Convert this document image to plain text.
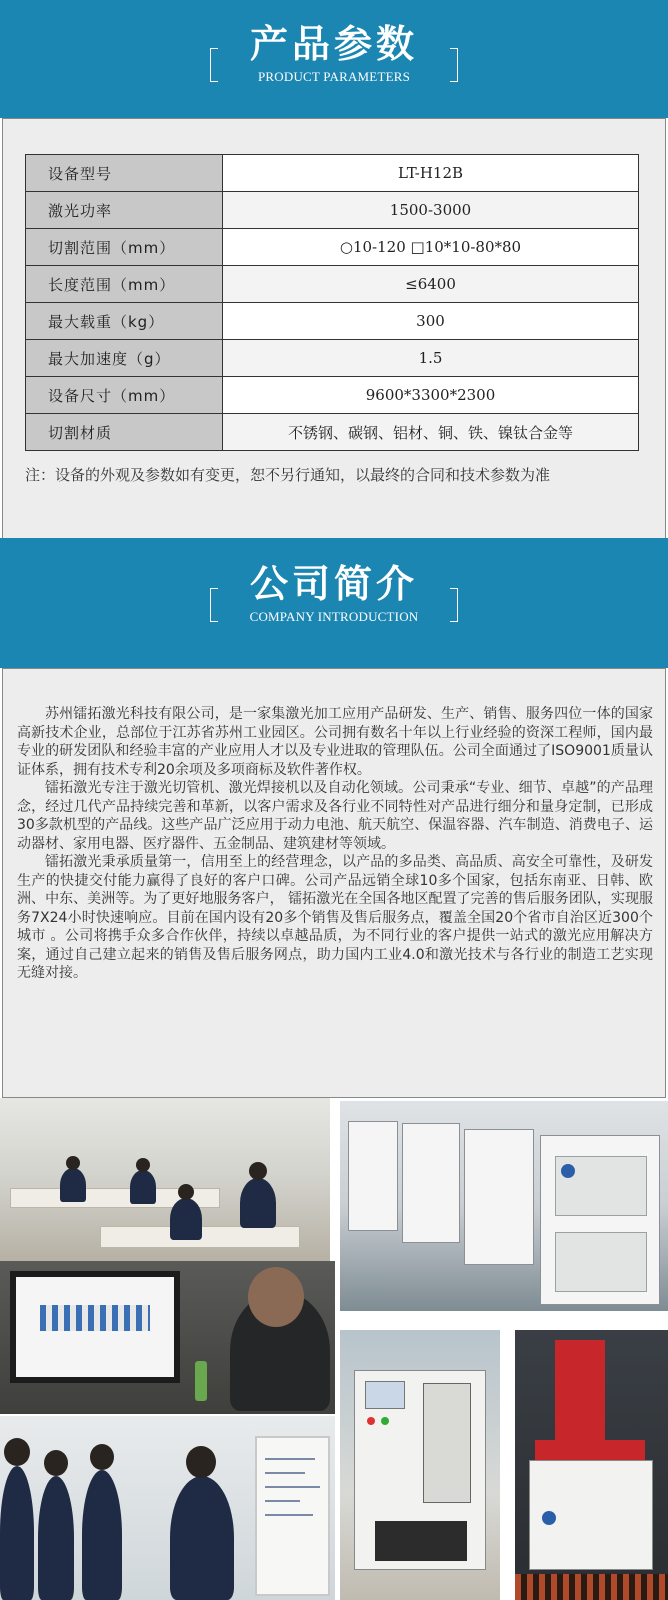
产品参数
PRODUCT PARAMETERS
设备型号	LT-H12B
激光功率	1500-3000
切割范围（mm）	○10-120 □10*10-80*80
长度范围（mm）	≤6400
最大载重（kg）	300
最大加速度（g）	1.5
设备尺寸（mm）	9600*3300*2300
切割材质	不锈钢、碳钢、铝材、铜、铁、镍钛合金等
注：设备的外观及参数如有变更，恕不另行通知，以最终的合同和技术参数为准
公司简介
COMPANY INTRODUCTION

苏州镭拓激光科技有限公司，是一家集激光加工应用产品研发、生产、销售、服务四位一体的国家高新技术企业，总部位于江苏省苏州工业园区。公司拥有数名十年以上行业经验的资深工程师，国内最专业的研发团队和经验丰富的产业应用人才以及专业进取的管理队伍。公司全面通过了ISO9001质量认证体系，拥有技术专利20余项及多项商标及软件著作权。

镭拓激光专注于激光切管机、激光焊接机以及自动化领域。公司秉承“专业、细节、卓越”的产品理念，经过几代产品持续完善和革新，以客户需求及各行业不同特性对产品进行细分和量身定制，已形成30多款机型的产品线。这些产品广泛应用于动力电池、航天航空、保温容器、汽车制造、消费电子、运动器材、家用电器、医疗器件、五金制品、建筑建材等领域。

镭拓激光秉承质量第一，信用至上的经营理念，以产品的多品类、高品质、高安全可靠性，及研发生产的快捷交付能力赢得了良好的客户口碑。公司产品远销全球10多个国家，包括东南亚、日韩、欧洲、中东、美洲等。为了更好地服务客户， 镭拓激光在全国各地区配置了完善的售后服务团队，实现服务7X24小时快速响应。目前在国内设有20多个销售及售后服务点，覆盖全国20个省市自治区近300个城市 。公司将携手众多合作伙伴，持续以卓越品质，为不同行业的客户提供一站式的激光应用解决方案，通过自己建立起来的销售及售后服务网点，助力国内工业4.0和激光技术与各行业的制造工艺实现无缝对接。
